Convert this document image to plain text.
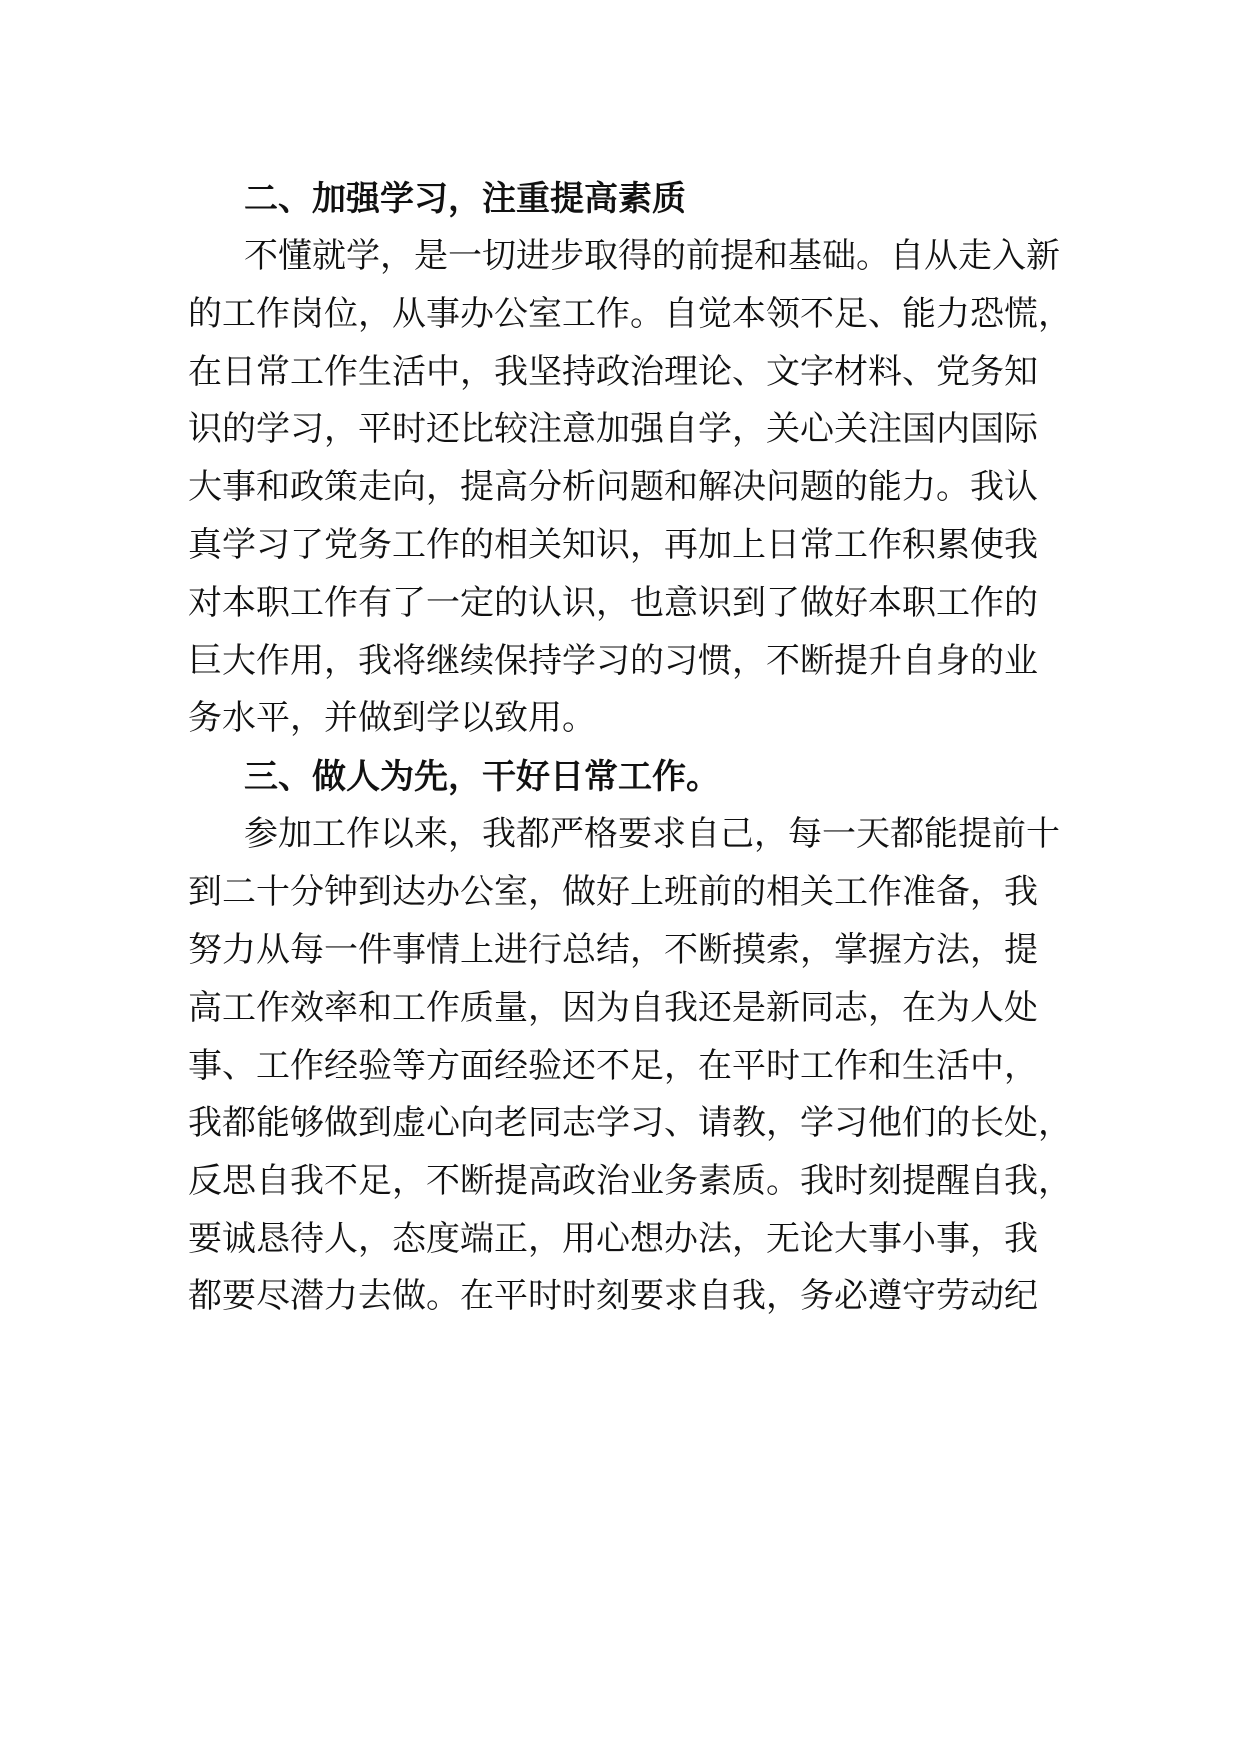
二、加强学习，注重提高素质
不懂就学，是一切进步取得的前提和基础。自从走入新
的工作岗位，从事办公室工作。自觉本领不足、能力恐慌，
在日常工作生活中，我坚持政治理论、文字材料、党务知
识的学习，平时还比较注意加强自学，关心关注国内国际
大事和政策走向，提高分析问题和解决问题的能力。我认
真学习了党务工作的相关知识，再加上日常工作积累使我
对本职工作有了一定的认识，也意识到了做好本职工作的
巨大作用，我将继续保持学习的习惯，不断提升自身的业
务水平，并做到学以致用。
三、做人为先，干好日常工作。
参加工作以来，我都严格要求自己，每一天都能提前十
到二十分钟到达办公室，做好上班前的相关工作准备，我
努力从每一件事情上进行总结，不断摸索，掌握方法，提
高工作效率和工作质量，因为自我还是新同志，在为人处
事、工作经验等方面经验还不足，在平时工作和生活中，
我都能够做到虚心向老同志学习、请教，学习他们的长处，
反思自我不足，不断提高政治业务素质。我时刻提醒自我，
要诚恳待人，态度端正，用心想办法，无论大事小事，我
都要尽潜力去做。在平时时刻要求自我，务必遵守劳动纪
